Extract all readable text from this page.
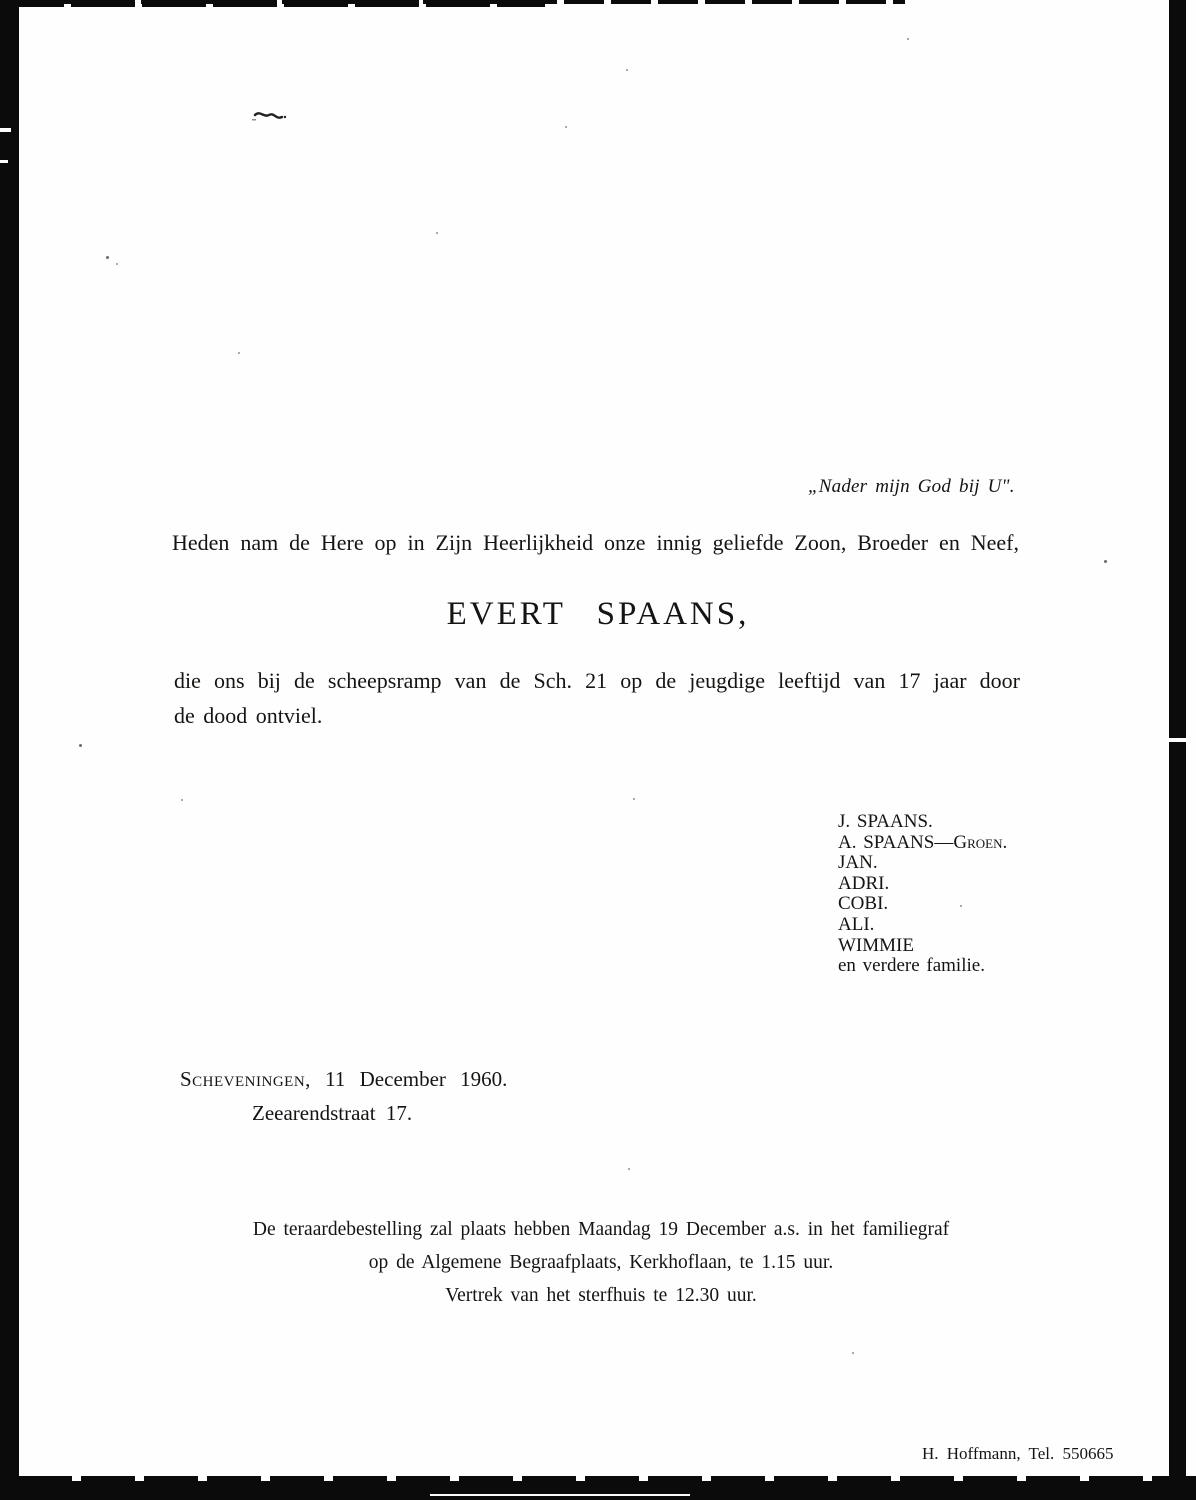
„Nader mijn God bij U".
Heden nam de Here op in Zijn Heerlijkheid onze innig geliefde Zoon, Broeder en Neef,
EVERT SPAANS,
die ons bij de scheepsramp van de Sch. 21 op de jeugdige leeftijd van 17 jaar door
de dood ontviel.
J. SPAANS.
A. SPAANS—Groen.
JAN.
ADRI.
COBI.
ALI.
WIMMIE
en verdere familie.
Scheveningen, 11 December 1960.
Zeearendstraat 17.
De teraardebestelling zal plaats hebben Maandag 19 December a.s. in het familiegraf
op de Algemene Begraafplaats, Kerkhoflaan, te 1.15 uur.
Vertrek van het sterfhuis te 12.30 uur.
H. Hoffmann, Tel. 550665
